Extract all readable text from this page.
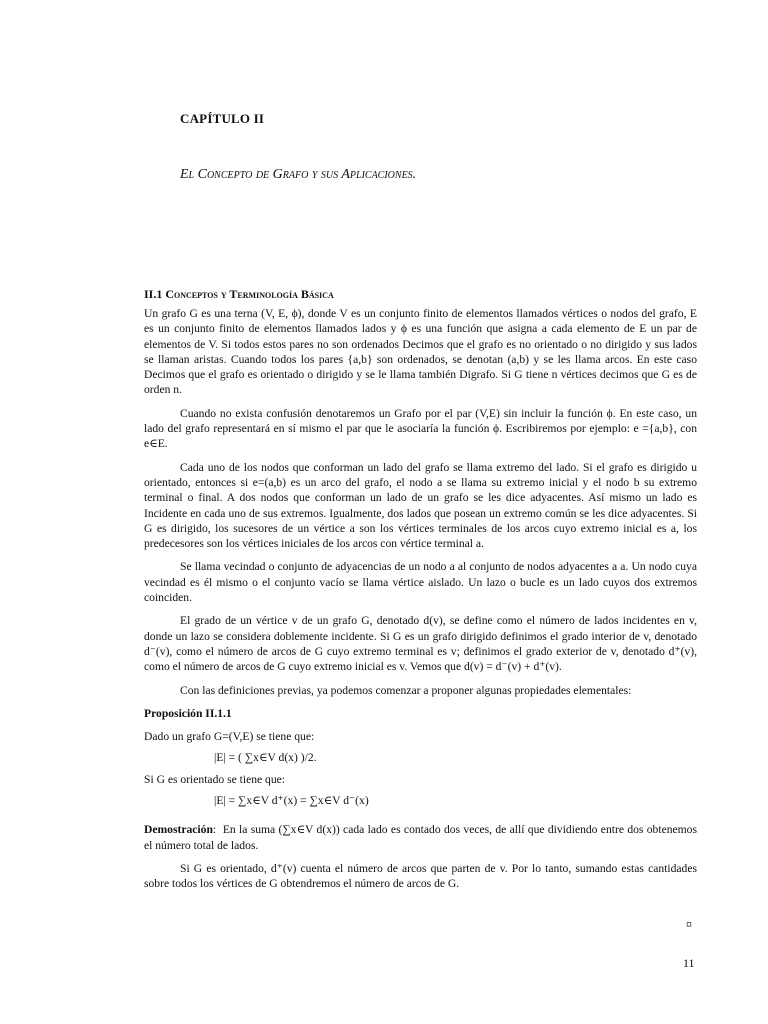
CAPÍTULO II
El Concepto de Grafo y sus Aplicaciones.
II.1 Conceptos y Terminología Básica

Un grafo G es una terna (V, E, ϕ), donde V es un conjunto finito de elementos llamados vértices o nodos del grafo, E es un conjunto finito de elementos llamados lados y ϕ es una función que asigna a cada elemento de E un par de elementos de V. Si todos estos pares no son ordenados Decimos que el grafo es no orientado o no dirigido y sus lados se llaman aristas. Cuando todos los pares {a,b} son ordenados, se denotan (a,b) y se les llama arcos. En este caso Decimos que el grafo es orientado o dirigido y se le llama también Digrafo. Si G tiene n vértices decimos que G es de orden n.

Cuando no exista confusión denotaremos un Grafo por el par (V,E) sin incluir la función ϕ. En este caso, un lado del grafo representará en sí mismo el par que le asociaría la función ϕ. Escribiremos por ejemplo: e ={a,b}, con e∈E.

Cada uno de los nodos que conforman un lado del grafo se llama extremo del lado. Si el grafo es dirigido u orientado, entonces si e=(a,b) es un arco del grafo, el nodo a se llama su extremo inicial y el nodo b su extremo terminal o final. A dos nodos que conforman un lado de un grafo se les dice adyacentes. Así mismo un lado es Incidente en cada uno de sus extremos. Igualmente, dos lados que posean un extremo común se les dice adyacentes. Si G es dirigido, los sucesores de un vértice a son los vértices terminales de los arcos cuyo extremo inicial es a, los predecesores son los vértices iniciales de los arcos con vértice terminal a.

Se llama vecindad o conjunto de adyacencias de un nodo a al conjunto de nodos adyacentes a a. Un nodo cuya vecindad es él mismo o el conjunto vacío se llama vértice aislado. Un lazo o bucle es un lado cuyos dos extremos coinciden.

El grado de un vértice v de un grafo G, denotado d(v), se define como el número de lados incidentes en v, donde un lazo se considera doblemente incidente. Si G es un grafo dirigido definimos el grado interior de v, denotado d⁻(v), como el número de arcos de G cuyo extremo terminal es v; definimos el grado exterior de v, denotado d⁺(v), como el número de arcos de G cuyo extremo inicial es v. Vemos que d(v) = d⁻(v) + d⁺(v).

Con las definiciones previas, ya podemos comenzar a proponer algunas propiedades elementales:

Proposición II.1.1
Dado un grafo G=(V,E) se tiene que:
|E| = ( ∑x∈V d(x) )/2.
Si G es orientado se tiene que:
|E| = ∑x∈V d⁺(x) = ∑x∈V d⁻(x)

Demostración:  En la suma (∑x∈V d(x)) cada lado es contado dos veces, de allí que dividiendo entre dos obtenemos el número total de lados.

Si G es orientado, d⁺(v) cuenta el número de arcos que parten de v. Por lo tanto, sumando estas cantidades sobre todos los vértices de G obtendremos el número de arcos de G.

¤
11
